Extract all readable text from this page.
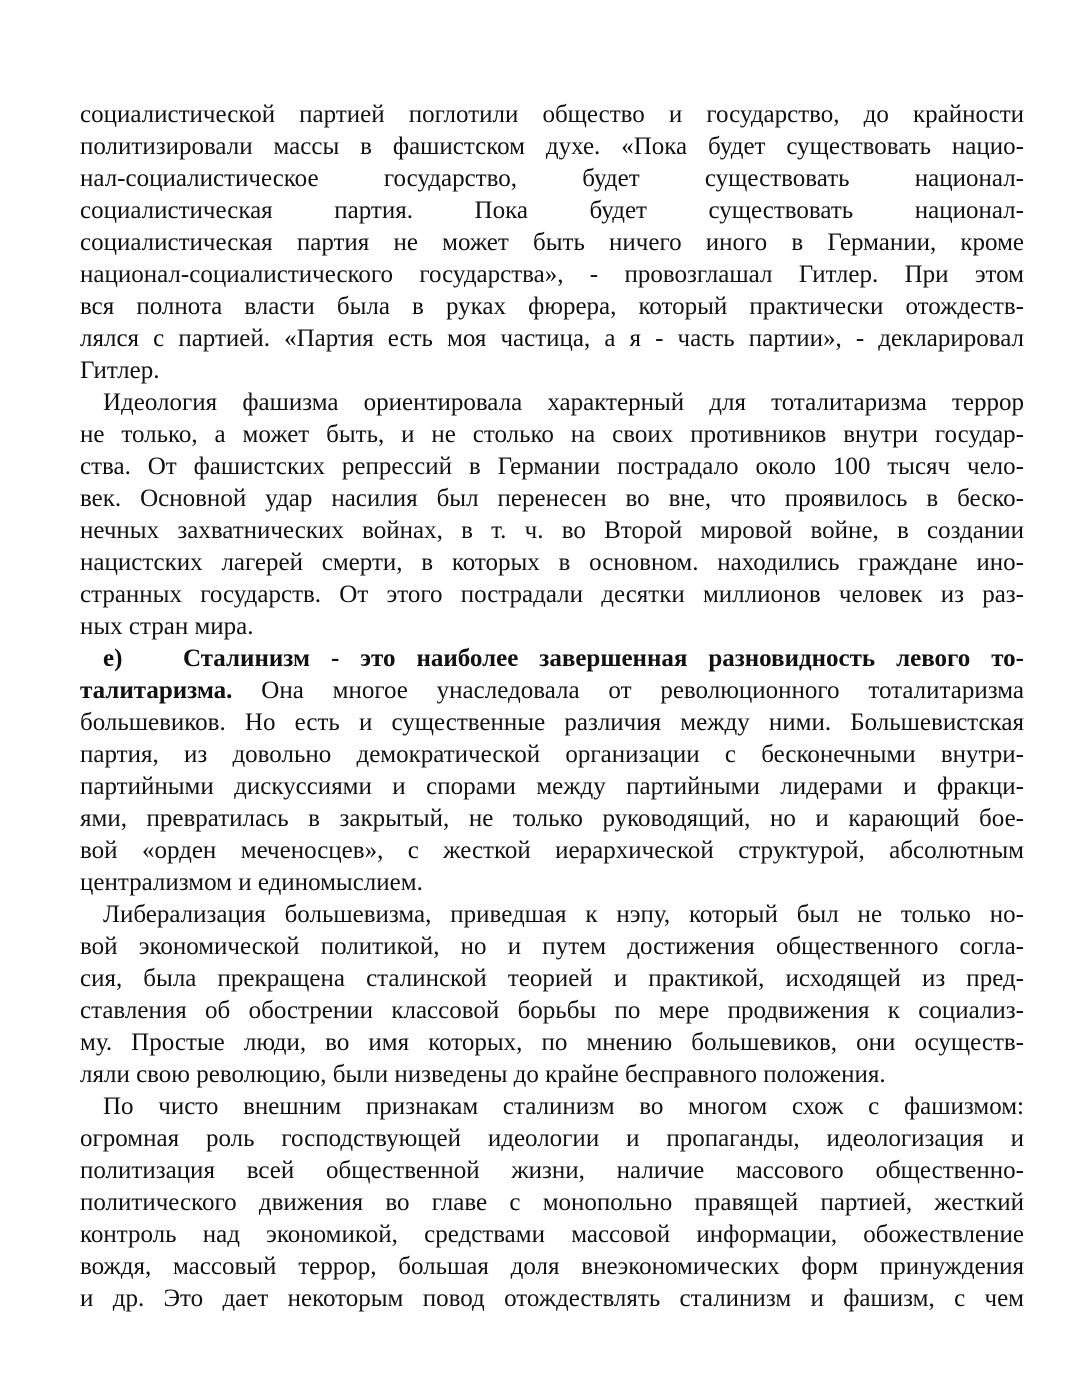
социалистической партией поглотили общество и государство, до крайности
политизировали массы в фашистском духе. «Пока будет существовать нацио-
нал-социалистическое государство, будет существовать национал-
социалистическая партия. Пока будет существовать национал-
социалистическая партия не может быть ничего иного в Германии, кроме
национал-социалистического государства», - провозглашал Гитлер. При этом
вся полнота власти была в руках фюрера, который практически отождеств-
лялся с партией. «Партия есть моя частица, а я - часть партии», - декларировал
Гитлер.
Идеология фашизма ориентировала характерный для тоталитаризма террор
не только, а может быть, и не столько на своих противников внутри государ-
ства. От фашистских репрессий в Германии пострадало около 100 тысяч чело-
век. Основной удар насилия был перенесен во вне, что проявилось в беско-
нечных захватнических войнах, в т. ч. во Второй мировой войне, в создании
нацистских лагерей смерти, в которых в основном. находились граждане ино-
странных государств. От этого пострадали десятки миллионов человек из раз-
ных стран мира.
е) Сталинизм - это наиболее завершенная разновидность левого то-
талитаризма. Она многое унаследовала от революционного тоталитаризма
большевиков. Но есть и существенные различия между ними. Большевистская
партия, из довольно демократической организации с бесконечными внутри-
партийными дискуссиями и спорами между партийными лидерами и фракци-
ями, превратилась в закрытый, не только руководящий, но и карающий бое-
вой «орден меченосцев», с жесткой иерархической структурой, абсолютным
централизмом и единомыслием.
Либерализация большевизма, приведшая к нэпу, который был не только но-
вой экономической политикой, но и путем достижения общественного согла-
сия, была прекращена сталинской теорией и практикой, исходящей из пред-
ставления об обострении классовой борьбы по мере продвижения к социализ-
му. Простые люди, во имя которых, по мнению большевиков, они осуществ-
ляли свою революцию, были низведены до крайне бесправного положения.
По чисто внешним признакам сталинизм во многом схож с фашизмом:
огромная роль господствующей идеологии и пропаганды, идеологизация и
политизация всей общественной жизни, наличие массового общественно-
политического движения во главе с монопольно правящей партией, жесткий
контроль над экономикой, средствами массовой информации, обожествление
вождя, массовый террор, большая доля внеэкономических форм принуждения
и др. Это дает некоторым повод отождествлять сталинизм и фашизм, с чем
